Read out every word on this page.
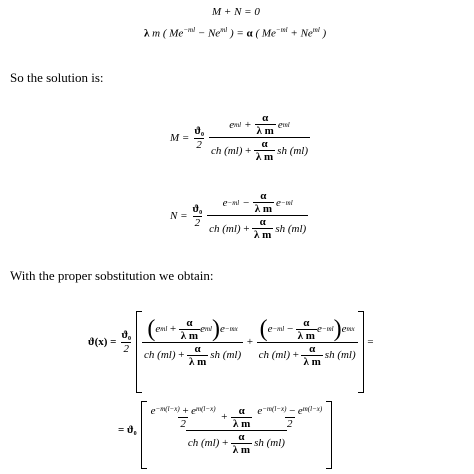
M + N = 0
λ m ( $Me^{-ml} - Ne^{ml}$ ) = α ( $Me^{-ml} + Ne^{ml}$ )
So the solution is:
$M = \frac{ϑ0}{2} \frac{e ml + \frac{\alpha}{\text{λ m}} e ml}{ch (ml) + \frac{\alpha}{\text{λ m}} sh (ml)}$
$N = \frac{ϑ0}{2} \frac{e -ml - \frac{\alpha}{\text{λ m}} e -ml}{ch (ml) + \frac{\alpha}{\text{λ m}} sh (ml)}$
With the proper sobstitution we obtain:
$ϑ(x) = \frac{ϑ0}{2} \frac{( e ml + \frac{\alpha}{\text{λ m}} e ml ) e -mx}{ch (ml) + \frac{\alpha}{\text{λ m}} sh (ml)} + \frac{( e -ml - \frac{\alpha}{\text{λ m}} e -ml ) e mx}{ch (ml) + \frac{\alpha}{\text{λ m}} sh (ml)}$ =
= ϑ0
$\frac{\text{e −m(l−x) + e m(l−x)}}{2} + \frac{\alpha}{\text{λ m}} \frac{\text{e −m(l−x) − e m(l−x)}}{2}$
ch $(ml) + \frac{\alpha}{\text{λ m}}$ sh (ml)
